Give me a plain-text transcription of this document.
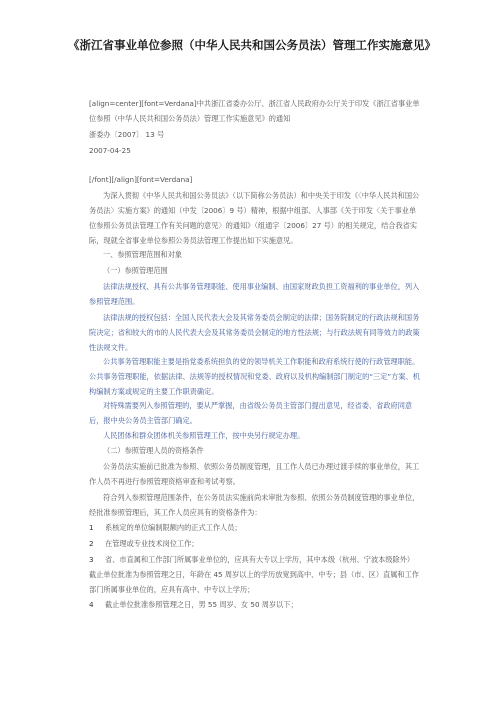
《浙江省事业单位参照（中华人民共和国公务员法）管理工作实施意见》

[align=center][font=Verdana]中共浙江省委办公厅、浙江省人民政府办公厅关于印发《浙江省事业单位参照（中华人民共和国公务员法）管理工作实施意见》的通知

浙委办〔2007〕 13 号

2007-04-25

[/font][/align][font=Verdana]

为深入贯彻《中华人民共和国公务员法》（以下简称公务员法）和中央关于印发《〈中华人民共和国公务员法〉实施方案》的通知（中发〔2006〕9 号）精神，根据中组部、人事部《关于印发〈关于事业单位参照公务员法管理工作有关问题的意见〉的通知》（组通字〔2006〕27 号）的相关规定，结合我省实际，现就全省事业单位参照公务员法管理工作提出如下实施意见。

一、参照管理范围和对象

（一）参照管理范围

法律法规授权、具有公共事务管理职能、使用事业编制、由国家财政负担工资福利的事业单位，列入参照管理范围。

法律法规的授权包括：全国人民代表大会及其常务委员会制定的法律；国务院制定的行政法规和国务院决定；省和较大的市的人民代表大会及其常务委员会制定的地方性法规；与行政法规有同等效力的政策性法规文件。

公共事务管理职能主要是指党委系统担负的党的领导机关工作职能和政府系统行使的行政管理职能。公共事务管理职能，依据法律、法规等的授权情况和党委、政府以及机构编制部门制定的“三定”方案、机构编制方案或规定的主要工作职责确定。

对特殊需要列入参照管理的，要从严掌握，由省级公务员主管部门提出意见，经省委、省政府同意后，报中央公务员主管部门确定。

人民团体和群众团体机关参照管理工作，按中央另行规定办理。

（二）参照管理人员的资格条件

公务员法实施前已批准为参照、依照公务员制度管理，且工作人员已办理过渡手续的事业单位，其工作人员不再进行参照管理资格审查和考试考察。

符合列入参照管理范围条件，在公务员法实施前尚未审批为参照、依照公务员制度管理的事业单位，经批准参照管理后，其工作人员应具有的资格条件为：

1 系核定的单位编制限额内的正式工作人员；
2 在管理或专业技术岗位工作；
3 省、市直属和工作部门所属事业单位的，应具有大专以上学历，其中本级（杭州、宁波本级除外）截止单位批准为参照管理之日，年龄在 45 周岁以上的学历放宽到高中、中专；县（市、区）直属和工作部门所属事业单位的，应具有高中、中专以上学历；
4 截止单位批准参照管理之日，男 55 周岁、女 50 周岁以下；
